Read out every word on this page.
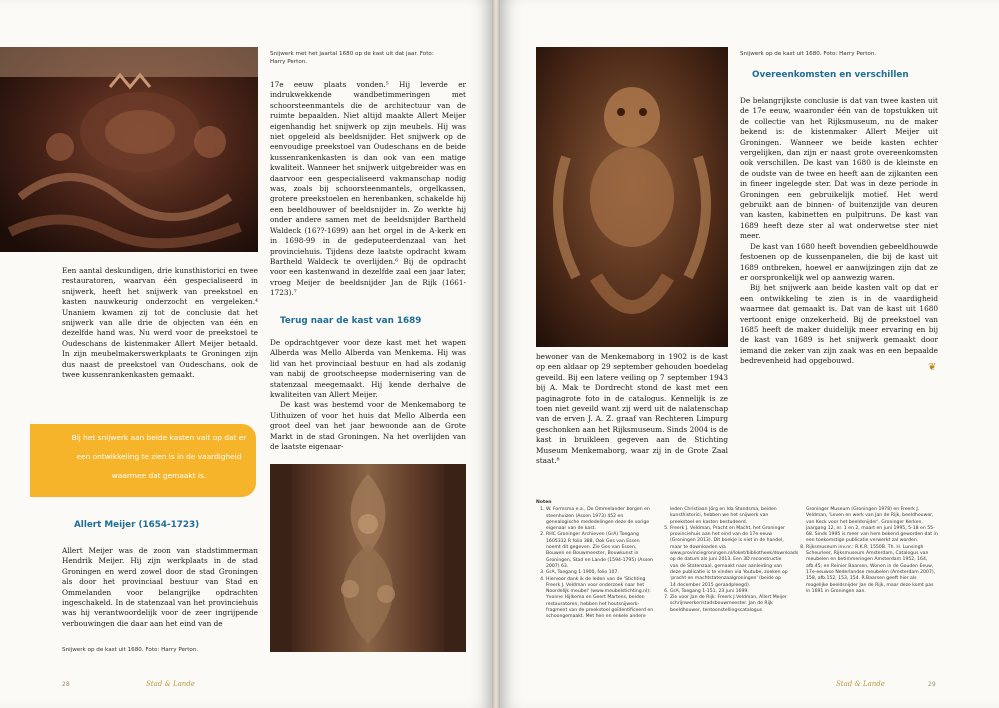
Snijwerk met het jaartal 1680 op de kast uit dat jaar. Foto: Harry Perton.

Een aantal deskundigen, drie kunsthistorici en twee restauratoren, waarvan één gespecialiseerd in snijwerk, heeft het snijwerk van preekstoel en kasten nauwkeurig onderzocht en vergeleken.⁴ Unaniem kwamen zij tot de conclusie dat het snijwerk van alle drie de objecten van één en dezelfde hand was. Nu werd voor de preekstoel te Oudeschans de kistenmaker Allert Meijer betaald. In zijn meubelmakerswerkplaats te Groningen zijn dus naast de preekstoel van Oudeschans, ook de twee kussenrankenkasten gemaakt.

Bij het snijwerk aan beide kasten valt op dat er een ontwikkeling te zien is in de vaardigheid waarmee dat gemaakt is.
Allert Meijer (1654-1723)

Allert Meijer was de zoon van stadstimmerman Hendrik Meijer. Hij zijn werkplaats in de stad Groningen en werd zowel door de stad Groningen als door het provinciaal bestuur van Stad en Ommelanden voor belangrijke opdrachten ingeschakeld. In de statenzaal van het provinciehuis was hij verantwoordelijk voor de zeer ingrijpende verbouwingen die daar aan het eind van de

Snijwerk op de kast uit 1680. Foto: Harry Perton.

17e eeuw plaats vonden.⁵ Hij leverde er indrukwekkende wandbetimmeringen met schoorsteenmantels die de architectuur van de ruimte bepaalden. Niet altijd maakte Allert Meijer eigenhandig het snijwerk op zijn meubels. Hij was niet opgeleid als beeldsnijder. Het snijwerk op de eenvoudige preekstoel van Oudeschans en de beide kussenrankenkasten is dan ook van een matige kwaliteit. Wanneer het snijwerk uitgebreider was en daarvoor een gespecialiseerd vakmanschap nodig was, zoals bij schoorsteenmantels, orgelkassen, grotere preekstoelen en herenbanken, schakelde hij een beeldhouwer of beeldsnijder in. Zo werkte hij onder andere samen met de beeldsnijder Bartheld Waldeck (16??-1699) aan het orgel in de A-kerk en in 1698-99 in de gedeputeerdenzaal van het provinciehuis. Tijdens deze laatste opdracht kwam Bartheld Waldeck te overlijden.⁶ Bij de opdracht voor een kastenwand in dezelfde zaal een jaar later, vroeg Meijer de beeldsnijder Jan de Rijk (1661-1723).⁷

Terug naar de kast van 1689

De opdrachtgever voor deze kast met het wapen Alberda was Mello Alberda van Menkema. Hij was lid van het provinciaal bestuur en had als zodanig van nabij de grootscheepse modernisering van de statenzaal meegemaakt. Hij kende derhalve de kwaliteiten van Allert Meijer.

De kast was bestemd voor de Menkemaborg te Uithuizen of voor het huis dat Mello Alberda een groot deel van het jaar bewoonde aan de Grote Markt in de stad Groningen. Na het overlijden van de laatste eigenaar-

28	Stad & Lande
Snijwerk op de kast uit 1680. Foto: Harry Perton.
Overeenkomsten en verschillen

De belangrijkste conclusie is dat van twee kasten uit de 17e eeuw, waaronder één van de topstukken uit de collectie van het Rijksmuseum, nu de maker bekend is: de kistenmaker Allert Meijer uit Groningen. Wanneer we beide kasten echter vergelijken, dan zijn er naast grote overeenkomsten ook verschillen. De kast van 1680 is de kleinste en de oudste van de twee en heeft aan de zijkanten een in fineer ingelegde ster. Dat was in deze periode in Groningen een gebruikelijk motief. Het werd gebruikt aan de binnen- of buitenzijde van deuren van kasten, kabinetten en pulpitruns. De kast van 1689 heeft deze ster al wat onderwetse ster niet meer.

De kast van 1680 heeft bovendien gebeeldhouwde festoenen op de kussenpanelen, die bij de kast uit 1689 ontbreken, hoewel er aanwijzingen zijn dat ze er oorspronkelijk wel op aanwezig waren.

Bij het snijwerk aan beide kasten valt op dat er een ontwikkeling te zien is in de vaardigheid waarmee dat gemaakt is. Dat van de kast uit 1680 vertoont enige onzekerheid. Bij de preekstoel van 1685 heeft de maker duidelijk meer ervaring en bij de kast van 1689 is het snijwerk gemaakt door iemand die zeker van zijn zaak was en een bepaalde bedrevenheid had opgebouwd.

❦

bewoner van de Menkemaborg in 1902 is de kast op een aldaar op 29 september gehouden boedelag geveild. Bij een latere veiling op 7 september 1943 bij A. Mak te Dordrecht stond de kast met een paginagrote foto in de catalogus. Kennelijk is ze toen niet geveild want zij werd uit de nalatenschap van de erven J. A. Z. graaf van Rechteren Limpurg geschonken aan het Rijksmuseum. Sinds 2004 is de kast in bruikleen gegeven aan de Stichting Museum Menkemaborg, waar zij in de Grote Zaal staat.⁸

Noten
1. W. Formsma e.a., De Ommelander borgen en steenhuizen (Assen 1973) 452 en genealogische mededelingen deze de vorige eigenaar van de kast.
2. RHC Groninger Archieven (GrA) Toegang 1605332 R folio 388, Ook Ges van Essen noemt dit gegeven. Zie Ges van Essen, Bouwen en Bouwmeester, Bouwkunst in Groningen, Stad en Lande (1594-1795) (Assen 2007) 63.
3. GrA, Toegang 1-1900, folio 107.
4. Hiervoor dank ik de leden van de 'Stichting Freerk J. Veldman voor onderzoek naar het Noordelijk meubel' (www.meubelstichting.nl): Yvonne Hijlkema en Geert Martens, beiden restauratoren, hebben het houtsnijwerk-fragment van de preekstoel geïdentificeerd en schoongemaakt. Met hen en enkele andere
leden Christiaan Jörg en Ida Standsma, beiden kunsthistorici, hebben we het snijwerk van preekstoel en kasten bestudeerd.
5. Freerk J. Veldman, Pracht en Macht, het Groninger provinciehuis aan het eind van de 17e eeuw (Groningen 2013). Dit boekje is niet in de handel, maar te downloaden via www.provinciegroningen.nl/loket/bibliotheek/downloads op de datum als juni 2013. Een 3D reconstructie van de Statenzaal, gemaakt naar aanleiding van deze publicatie is te vinden via Youtube, zoeken op 'pracht en machtstatenzaalgroningen' (beide op 14 december 2015 geraadpleegd).
6. GrA, Toegang 1-151, 23 juni 1699.
7. Zie voor Jan de Rijk: Freerk J.Veldman, Allert Meijer schrijnwerker/stadsbouwmeester. Jan de Rijk beeldhouwer, tentoonstellingscatalogus
Groninger Museum (Groningen 1978) en Freerk J. Veldman, 'Leven en werk van Jan de Rijk, beeldhouwer, van Keck voor het beeldsnijder', Groninger Kerken, jaargang 12, nr. 1 en 2, maart en juni 1995, 5-18 en 55-68. Sinds 1995 is meer van hem bekend geworden dat in een toekomstige publicatie verwerkt zal worden.
8. Rijksmuseum inv.nr.: R.K.R. 1550B. Th. H. Lunsingh Scheurleer, Rijksmuseum Amsterdam, Catalogus van meubelen en betimmeringen Amsterdam 1952, 164, afb.45; en Reinier Baarsen, Wonen in de Gouden Eeuw, 17e-eeuwse Nederlandse meubelen (Amsterdam 2007), 158, afb.152, 153, 154. R.Baarsen geeft hier als mogelijke beeldsnijder Jan de Rijk, maar deze komt pas in 1691 in Groningen aan.
Stad & Lande	29
